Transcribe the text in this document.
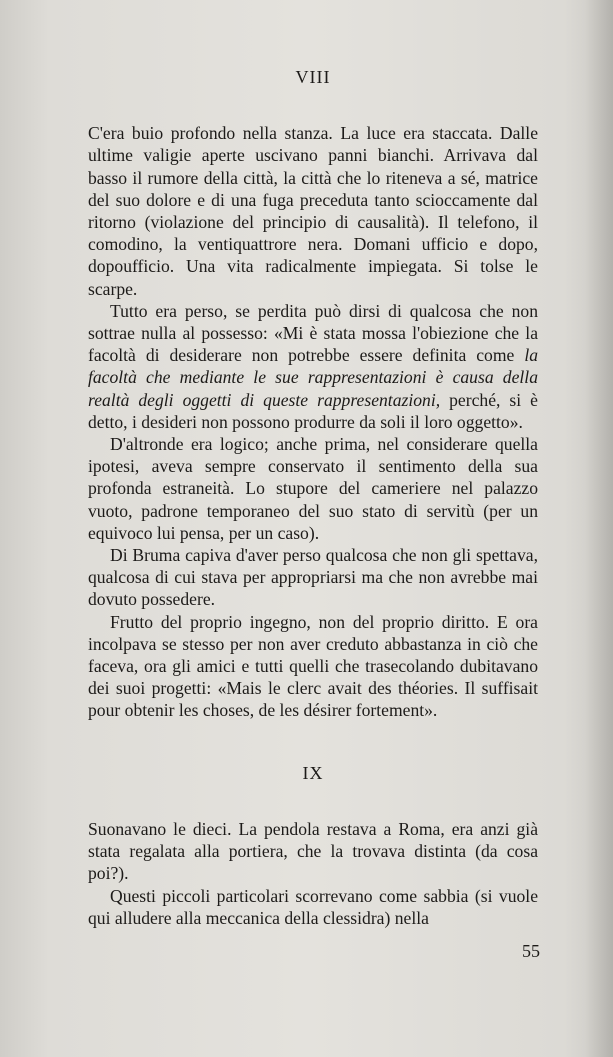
VIII

C'era buio profondo nella stanza. La luce era staccata. Dalle ultime valigie aperte uscivano panni bianchi. Arrivava dal basso il rumore della città, la città che lo riteneva a sé, matrice del suo dolore e di una fuga preceduta tanto scioccamente dal ritorno (violazione del principio di causalità). Il telefono, il comodino, la ventiquattrore nera. Domani ufficio e dopo, dopoufficio. Una vita radicalmente impiegata. Si tolse le scarpe.

Tutto era perso, se perdita può dirsi di qualcosa che non sottrae nulla al possesso: «Mi è stata mossa l'obiezione che la facoltà di desiderare non potrebbe essere definita come la facoltà che mediante le sue rappresentazioni è causa della realtà degli oggetti di queste rappresentazioni, perché, si è detto, i desideri non possono produrre da soli il loro oggetto».

D'altronde era logico; anche prima, nel considerare quella ipotesi, aveva sempre conservato il sentimento della sua profonda estraneità. Lo stupore del cameriere nel palazzo vuoto, padrone temporaneo del suo stato di servitù (per un equivoco lui pensa, per un caso).

Di Bruma capiva d'aver perso qualcosa che non gli spettava, qualcosa di cui stava per appropriarsi ma che non avrebbe mai dovuto possedere.

Frutto del proprio ingegno, non del proprio diritto. E ora incolpava se stesso per non aver creduto abbastanza in ciò che faceva, ora gli amici e tutti quelli che trasecolando dubitavano dei suoi progetti: «Mais le clerc avait des théories. Il suffisait pour obtenir les choses, de les désirer fortement».

IX

Suonavano le dieci. La pendola restava a Roma, era anzi già stata regalata alla portiera, che la trovava distinta (da cosa poi?).

Questi piccoli particolari scorrevano come sabbia (si vuole qui alludere alla meccanica della clessidra) nella

55
